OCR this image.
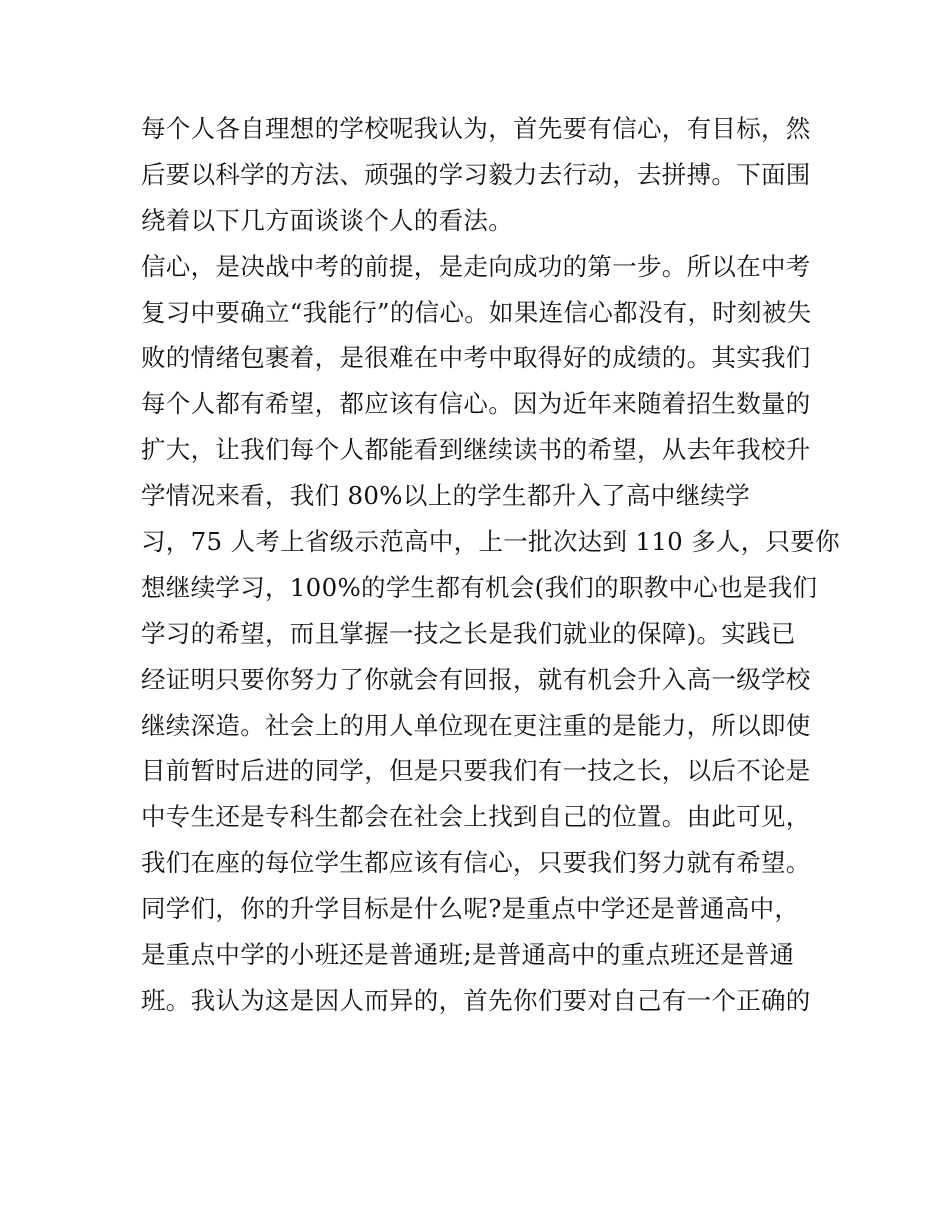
每个人各自理想的学校呢我认为，首先要有信心，有目标，然
后要以科学的方法、顽强的学习毅力去行动，去拼搏。下面围
绕着以下几方面谈谈个人的看法。
信心，是决战中考的前提，是走向成功的第一步。所以在中考
复习中要确立“我能行”的信心。如果连信心都没有，时刻被失
败的情绪包裹着，是很难在中考中取得好的成绩的。其实我们
每个人都有希望，都应该有信心。因为近年来随着招生数量的
扩大，让我们每个人都能看到继续读书的希望，从去年我校升
学情况来看，我们 80%以上的学生都升入了高中继续学
习，75 人考上省级示范高中，上一批次达到 110 多人，只要你
想继续学习，100%的学生都有机会(我们的职教中心也是我们
学习的希望，而且掌握一技之长是我们就业的保障)。实践已
经证明只要你努力了你就会有回报，就有机会升入高一级学校
继续深造。社会上的用人单位现在更注重的是能力，所以即使
目前暂时后进的同学，但是只要我们有一技之长，以后不论是
中专生还是专科生都会在社会上找到自己的位置。由此可见，
我们在座的每位学生都应该有信心，只要我们努力就有希望。
同学们，你的升学目标是什么呢?是重点中学还是普通高中，
是重点中学的小班还是普通班;是普通高中的重点班还是普通
班。我认为这是因人而异的，首先你们要对自己有一个正确的
